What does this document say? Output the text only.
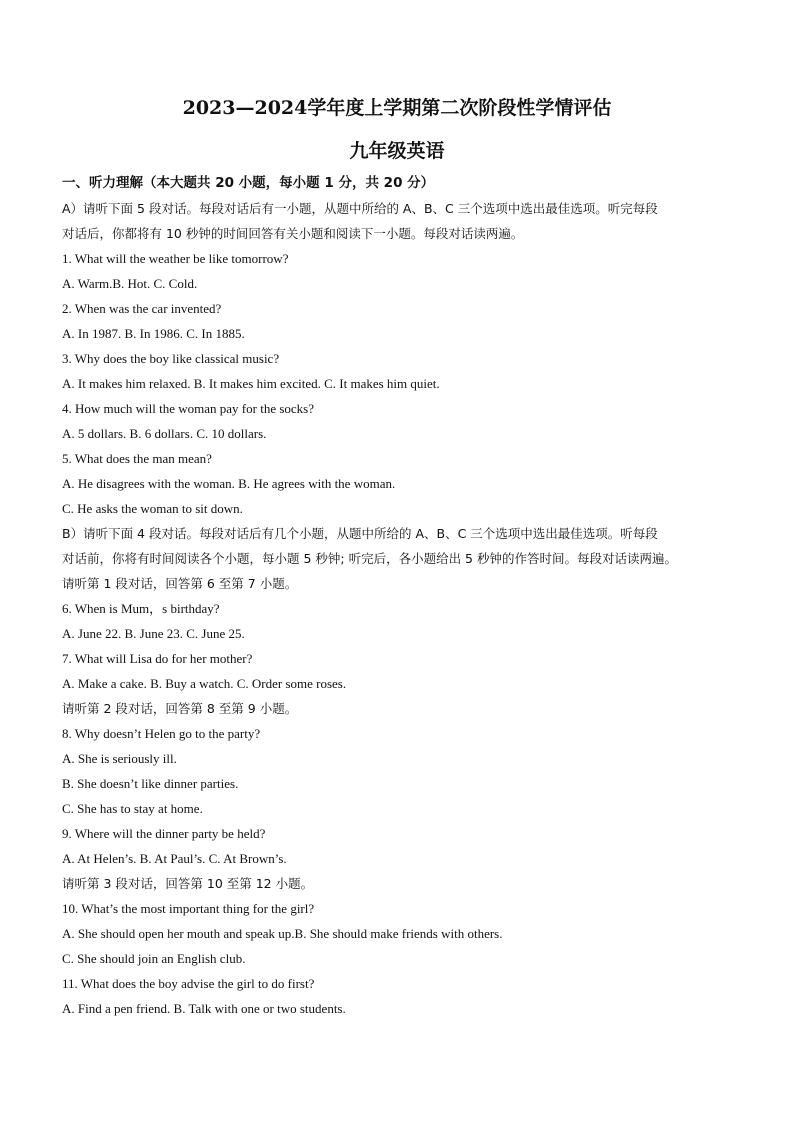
2023—2024学年度上学期第二次阶段性学情评估
九年级英语
一、听力理解（本大题共 20 小题，每小题 1 分，共 20 分）
A）请听下面 5 段对话。每段对话后有一小题，从题中所给的 A、B、C 三个选项中选出最佳选项。听完每段
对话后，你都将有 10 秒钟的时间回答有关小题和阅读下一小题。每段对话读两遍。
1. What will the weather be like tomorrow?
A. Warm.B. Hot. C. Cold.
2. When was the car invented?
A. In 1987. B. In 1986. C. In 1885.
3. Why does the boy like classical music?
A. It makes him relaxed. B. It makes him excited. C. It makes him quiet.
4. How much will the woman pay for the socks?
A. 5 dollars. B. 6 dollars. C. 10 dollars.
5. What does the man mean?
A. He disagrees with the woman. B. He agrees with the woman.
C. He asks the woman to sit down.
B）请听下面 4 段对话。每段对话后有几个小题，从题中所给的 A、B、C 三个选项中选出最佳选项。听每段
对话前，你将有时间阅读各个小题，每小题 5 秒钟; 听完后，各小题给出 5 秒钟的作答时间。每段对话读两遍。
请听第 1 段对话，回答第 6 至第 7 小题。
6. When is Mum，s birthday?
A. June 22. B. June 23. C. June 25.
7. What will Lisa do for her mother?
A. Make a cake. B. Buy a watch. C. Order some roses.
请听第 2 段对话，回答第 8 至第 9 小题。
8. Why doesn’t Helen go to the party?
A. She is seriously ill.
B. She doesn’t like dinner parties.
C. She has to stay at home.
9. Where will the dinner party be held?
A. At Helen’s. B. At Paul’s. C. At Brown’s.
请听第 3 段对话，回答第 10 至第 12 小题。
10. What’s the most important thing for the girl?
A. She should open her mouth and speak up.B. She should make friends with others.
C. She should join an English club.
11. What does the boy advise the girl to do first?
A. Find a pen friend. B. Talk with one or two students.
